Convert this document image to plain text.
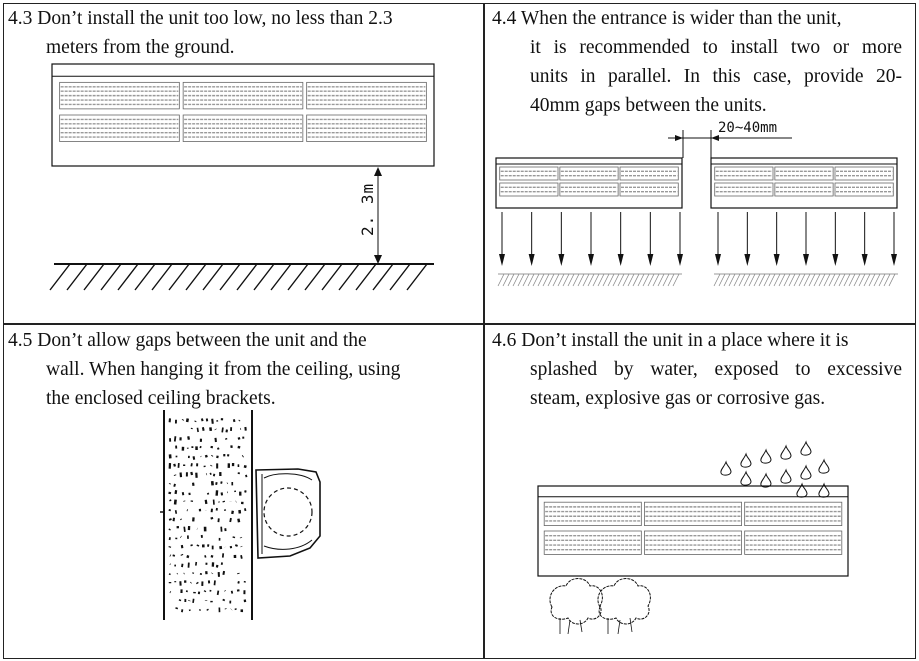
4.3 Don’t install the unit too low, no less than 2.3

meters from the ground.

2. 3m

4.4 When the entrance is wider than the unit,

it is recommended to install two or more

units in parallel. In this case, provide 20-

40mm gaps between the units.

20~40mm

4.5 Don’t allow gaps between the unit and the

wall. When hanging it from the ceiling, using

the enclosed ceiling brackets.

4.6 Don’t install the unit in a place where it is

splashed by water, exposed to excessive

steam, explosive gas or corrosive gas.
